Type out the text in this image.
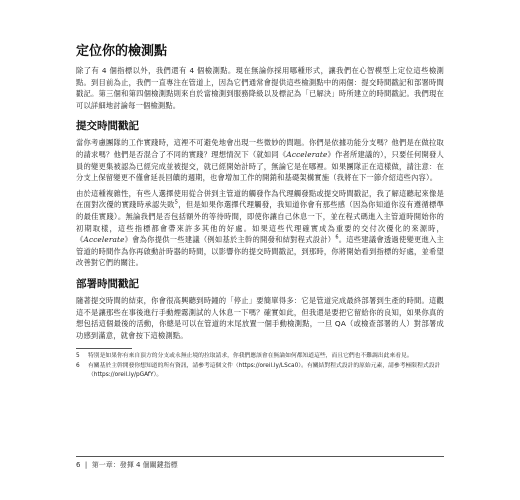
定位你的檢測點

除了有 4 個指標以外，我們還有 4 個檢測點。現在無論你採用哪種形式，讓我們在心智模型上定位這些檢測點。到目前為止，我們一直專注在管道上，因為它們通常會提供這些檢測點中的兩個：提交時間戳記和部署時間戳記。第三個和第四個檢測點則來自於當檢測到服務降級以及標記為「已解決」時所建立的時間戳記。我們現在可以詳細地討論每一個檢測點。

提交時間戳記

當你考慮團隊的工作實踐時，這裡不可避免地會出現一些微妙的問題。你們是依據功能分支嗎？他們是在做拉取的請求嗎？他們是否混合了不同的實踐？理想情況下（就如同《Accelerate》作者所建議的），只要任何開發人員的變更集被認為已經完成並被提交，就已經開始計時了，無論它是在哪裡。如果團隊正在這樣做，請注意：在分支上保留變更不僅會延長回饋的週期，也會增加工作的開銷和基礎架構實施（我將在下一節介紹這些內容）。

由於這種複雜性，有些人選擇使用從合併到主管道的觸發作為代理觸發點或提交時間戳記，我了解這聽起來像是在面對次優的實踐時承認失敗$^5$，但是如果你選擇代理觸發，我知道你會有那些感（因為你知道你沒有遵循標準的最佳實踐）。無論我們是否包括額外的等待時間，即使你讓自己休息一下，並在程式碼進入主管道時開始你的初期取樣，這些指標都會帶來許多其他的好處。如果這些代理確實成為重要的交付次優化的來源時，《Accelerate》會為你提供一些建議（例如基於主幹的開發和結對程式設計）$^6$。這些建議會透過使變更進入主管道的時間作為你再啟動計時器的時間，以影響你的提交時間戳記，到那時，你將開始看到指標的好處，並希望改善對它們的關注。

部署時間戳記

隨著提交時間的結束，你會很高興聽到時鐘的「停止」要簡單得多：它是管道完成最終部署到生產的時間。這觀這不是讓那些在事後進行手動煙霧測試的人休息一下嗎？確實如此，但我還是要把它留給你的良知，如果你真的想包括這個最後的活動，你總是可以在管道的末尾放置一個手動檢測點，一旦 QA（或檢查部署的人）對部署成功感到滿意，就會按下這檢測點。

5	特別是如果你有來自頂方的分支或永無止境的拉取請求，你我們應該會在無論如何都知道這些，而且它們也不難調出此來看見。
6	有關基於主幹開發你想知道的所有資訊，請參考這個文件（https://oreil.ly/LSca0）。有關結對程式設計的原始元素，請參考極限程式設計（https://oreil.ly/pGAfY）。
6  |  第一章：發揮 4 個關鍵指標
